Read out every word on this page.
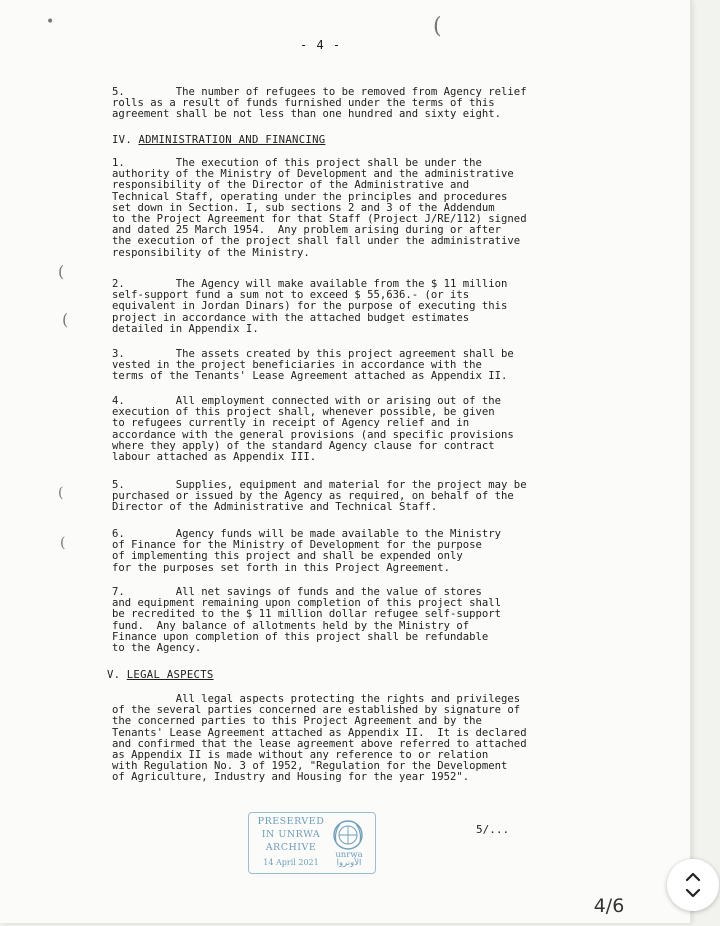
•	(
(
(
(
(
- 4 -
5.        The number of refugees to be removed from Agency relief
rolls as a result of funds furnished under the terms of this
agreement shall be not less than one hundred and sixty eight.
IV. ADMINISTRATION AND FINANCING
1.        The execution of this project shall be under the
authority of the Ministry of Development and the administrative
responsibility of the Director of the Administrative and
Technical Staff, operating under the principles and procedures
set down in Section. I, sub sections 2 and 3 of the Addendum
to the Project Agreement for that Staff (Project J/RE/112) signed
and dated 25 March 1954.  Any problem arising during or after
the execution of the project shall fall under the administrative
responsibility of the Ministry.
2.        The Agency will make available from the $ 11 million
self-support fund a sum not to exceed $ 55,636.- (or its
equivalent in Jordan Dinars) for the purpose of executing this
project in accordance with the attached budget estimates
detailed in Appendix I.
3.        The assets created by this project agreement shall be
vested in the project beneficiaries in accordance with the
terms of the Tenants' Lease Agreement attached as Appendix II.
4.        All employment connected with or arising out of the
execution of this project shall, whenever possible, be given
to refugees currently in receipt of Agency relief and in
accordance with the general provisions (and specific provisions
where they apply) of the standard Agency clause for contract
labour attached as Appendix III.
5.        Supplies, equipment and material for the project may be
purchased or issued by the Agency as required, on behalf of the
Director of the Administrative and Technical Staff.
6.        Agency funds will be made available to the Ministry
of Finance for the Ministry of Development for the purpose
of implementing this project and shall be expended only
for the purposes set forth in this Project Agreement.
7.        All net savings of funds and the value of stores
and equipment remaining upon completion of this project shall
be recredited to the $ 11 million dollar refugee self-support
fund.  Any balance of allotments held by the Ministry of
Finance upon completion of this project shall be refundable
to the Agency.
V. LEGAL ASPECTS
All legal aspects protecting the rights and privileges
of the several parties concerned are established by signature of
the concerned parties to this Project Agreement and by the
Tenants' Lease Agreement attached as Appendix II.  It is declared
and confirmed that the lease agreement above referred to attached
as Appendix II is made without any reference to or relation
with Regulation No. 3 of 1952, "Regulation for the Development
of Agriculture, Industry and Housing for the year 1952".
PRESERVED
IN UNRWA
ARCHIVE
14 April 2021
unrwa
الأونروا
5/...
4/6
